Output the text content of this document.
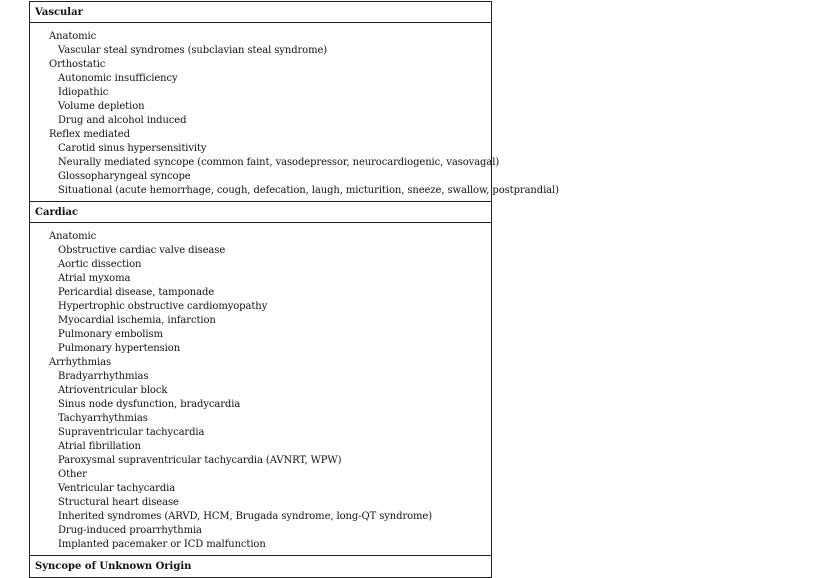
Vascular
Anatomic
Vascular steal syndromes (subclavian steal syndrome)
Orthostatic
Autonomic insufficiency
Idiopathic
Volume depletion
Drug and alcohol induced
Reflex mediated
Carotid sinus hypersensitivity
Neurally mediated syncope (common faint, vasodepressor, neurocardiogenic, vasovagal)
Glossopharyngeal syncope
Situational (acute hemorrhage, cough, defecation, laugh, micturition, sneeze, swallow, postprandial)
Cardiac
Anatomic
Obstructive cardiac valve disease
Aortic dissection
Atrial myxoma
Pericardial disease, tamponade
Hypertrophic obstructive cardiomyopathy
Myocardial ischemia, infarction
Pulmonary embolism
Pulmonary hypertension
Arrhythmias
Bradyarrhythmias
Atrioventricular block
Sinus node dysfunction, bradycardia
Tachyarrhythmias
Supraventricular tachycardia
Atrial fibrillation
Paroxysmal supraventricular tachycardia (AVNRT, WPW)
Other
Ventricular tachycardia
Structural heart disease
Inherited syndromes (ARVD, HCM, Brugada syndrome, long-QT syndrome)
Drug-induced proarrhythmia
Implanted pacemaker or ICD malfunction
Syncope of Unknown Origin
